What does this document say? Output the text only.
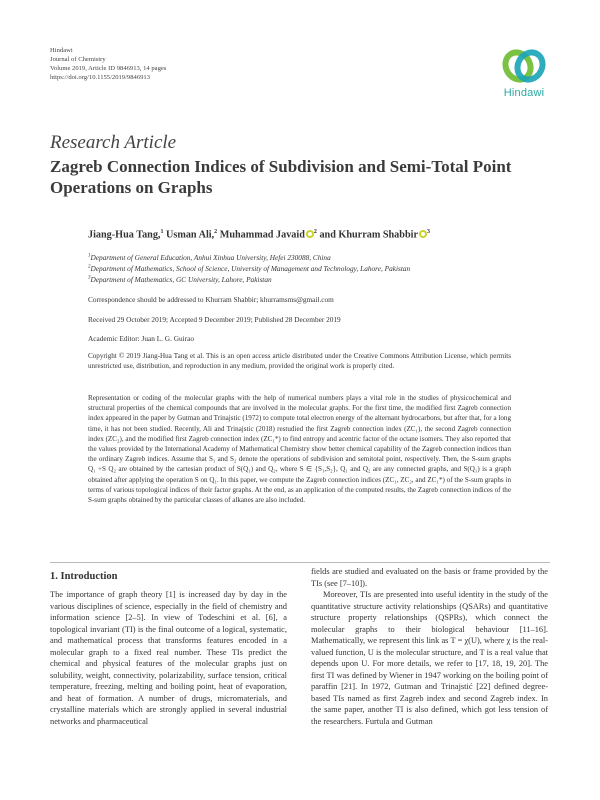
Hindawi
Journal of Chemistry
Volume 2019, Article ID 9846913, 14 pages
https://doi.org/10.1155/2019/9846913
Hindawi
Research Article
Zagreb Connection Indices of Subdivision and Semi-Total Point Operations on Graphs
Jiang-Hua Tang,$^1$ Usman Ali,$^2$ Muhammad Javaid $^2$ and Khurram Shabbir $^3$
$^1$Department of General Education, Anhui Xinhua University, Hefei 230088, China
$^2$Department of Mathematics, School of Science, University of Management and Technology, Lahore, Pakistan
$^3$Department of Mathematics, GC University, Lahore, Pakistan
Correspondence should be addressed to Khurram Shabbir; khurramsms@gmail.com
Received 29 October 2019; Accepted 9 December 2019; Published 28 December 2019
Academic Editor: Juan L. G. Guirao
Copyright © 2019 Jiang-Hua Tang et al. This is an open access article distributed under the Creative Commons Attribution License, which permits unrestricted use, distribution, and reproduction in any medium, provided the original work is properly cited.
Representation or coding of the molecular graphs with the help of numerical numbers plays a vital role in the studies of physicochemical and structural properties of the chemical compounds that are involved in the molecular graphs. For the first time, the modified first Zagreb connection index appeared in the paper by Gutman and Trinajstic (1972) to compute total electron energy of the alternant hydrocarbons, but after that, for a long time, it has not been studied. Recently, Ali and Trinajstic (2018) restudied the first Zagreb connection index (ZC₁), the second Zagreb connection index (ZC₂), and the modified first Zagreb connection index (ZC₁*) to find entropy and acentric factor of the octane isomers. They also reported that the values provided by the International Academy of Mathematical Chemistry show better chemical capability of the Zagreb connection indices than the ordinary Zagreb indices. Assume that S₁ and S₂ denote the operations of subdivision and semitotal point, respectively. Then, the S-sum graphs Q₁ +S Q₂ are obtained by the cartesian product of S(Q₁) and Q₂, where S ∈ {S₁,S₂}, Q₁ and Q₂ are any connected graphs, and S(Q₁) is a graph obtained after applying the operation S on Q₁. In this paper, we compute the Zagreb connection indices (ZC₁, ZC₂, and ZC₁*) of the S-sum graphs in terms of various topological indices of their factor graphs. At the end, as an application of the computed results, the Zagreb connection indices of the S-sum graphs obtained by the particular classes of alkanes are also included.
1. Introduction

The importance of graph theory [1] is increased day by day in the various disciplines of science, especially in the field of chemistry and information science [2–5]. In view of Todeschini et al. [6], a topological invariant (TI) is the final outcome of a logical, systematic, and mathematical process that transforms features encoded in a molecular graph to a fixed real number. These TIs predict the chemical and physical features of the molecular graphs just on solubility, weight, connectivity, polarizability, surface tension, critical temperature, freezing, melting and boiling point, heat of evaporation, and heat of formation. A number of drugs, micromaterials, and crystalline materials which are strongly applied in several industrial networks and pharmaceutical

fields are studied and evaluated on the basis or frame provided by the TIs (see [7–10]).

Moreover, TIs are presented into useful identity in the study of the quantitative structure activity relationships (QSARs) and quantitative structure property relationships (QSPRs), which connect the molecular graphs to their biological behaviour [11–16]. Mathematically, we represent this link as T = χ(U), where χ is the real-valued function, U is the molecular structure, and T is a real value that depends upon U. For more details, we refer to [17, 18, 19, 20]. The first TI was defined by Wiener in 1947 working on the boiling point of paraffin [21]. In 1972, Gutman and Trinajstić [22] defined degree-based TIs named as first Zagreb index and second Zagreb index. In the same paper, another TI is also defined, which got less tension of the researchers. Furtula and Gutman
